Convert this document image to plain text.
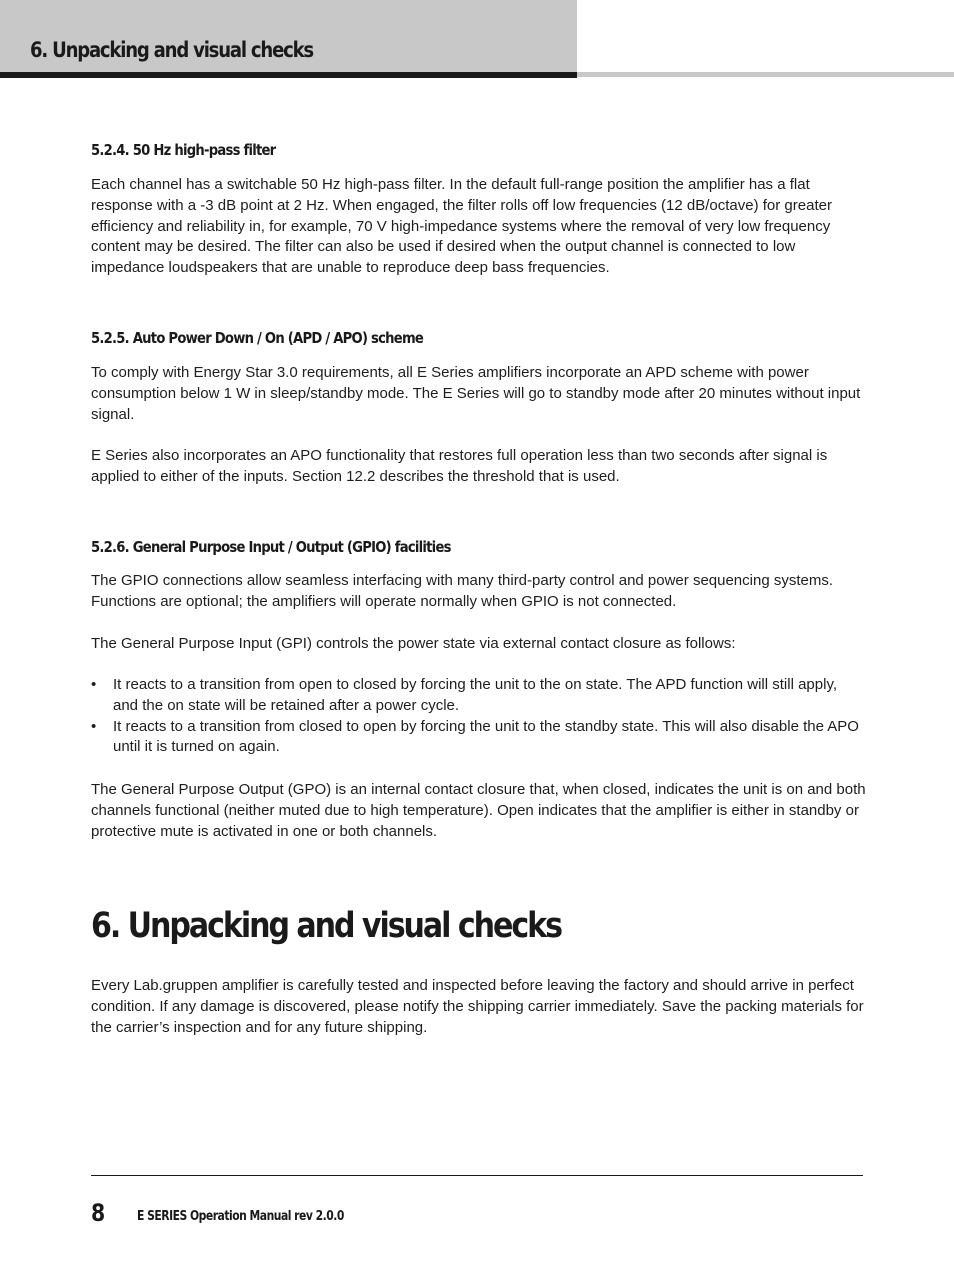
6. Unpacking and visual checks
5.2.4. 50 Hz high-pass filter

Each channel has a switchable 50 Hz high-pass filter. In the default full-range position the amplifier has a flat response with a -3 dB point at 2 Hz. When engaged, the filter rolls off low frequencies (12 dB/octave) for greater efficiency and reliability in, for example, 70 V high-impedance systems where the removal of very low frequency content may be desired. The filter can also be used if desired when the output channel is connected to low impedance loudspeakers that are unable to reproduce deep bass frequencies.

5.2.5. Auto Power Down / On (APD / APO) scheme

To comply with Energy Star 3.0 requirements, all E Series amplifiers incorporate an APD scheme with power consumption below 1 W in sleep/standby mode. The E Series will go to standby mode after 20 minutes without input signal.

E Series also incorporates an APO functionality that restores full operation less than two seconds after signal is applied to either of the inputs. Section 12.2 describes the threshold that is used.

5.2.6. General Purpose Input / Output (GPIO) facilities

The GPIO connections allow seamless interfacing with many third-party control and power sequencing systems. Functions are optional; the amplifiers will operate normally when GPIO is not connected.

The General Purpose Input (GPI) controls the power state via external contact closure as follows:

• It reacts to a transition from open to closed by forcing the unit to the on state. The APD function will still apply, and the on state will be retained after a power cycle.
• It reacts to a transition from closed to open by forcing the unit to the standby state. This will also disable the APO until it is turned on again.

The General Purpose Output (GPO) is an internal contact closure that, when closed, indicates the unit is on and both channels functional (neither muted due to high temperature). Open indicates that the amplifier is either in standby or protective mute is activated in one or both channels.

6. Unpacking and visual checks

Every Lab.gruppen amplifier is carefully tested and inspected before leaving the factory and should arrive in perfect condition. If any damage is discovered, please notify the shipping carrier immediately. Save the packing materials for the carrier’s inspection and for any future shipping.

8 E SERIES Operation Manual rev 2.0.0
